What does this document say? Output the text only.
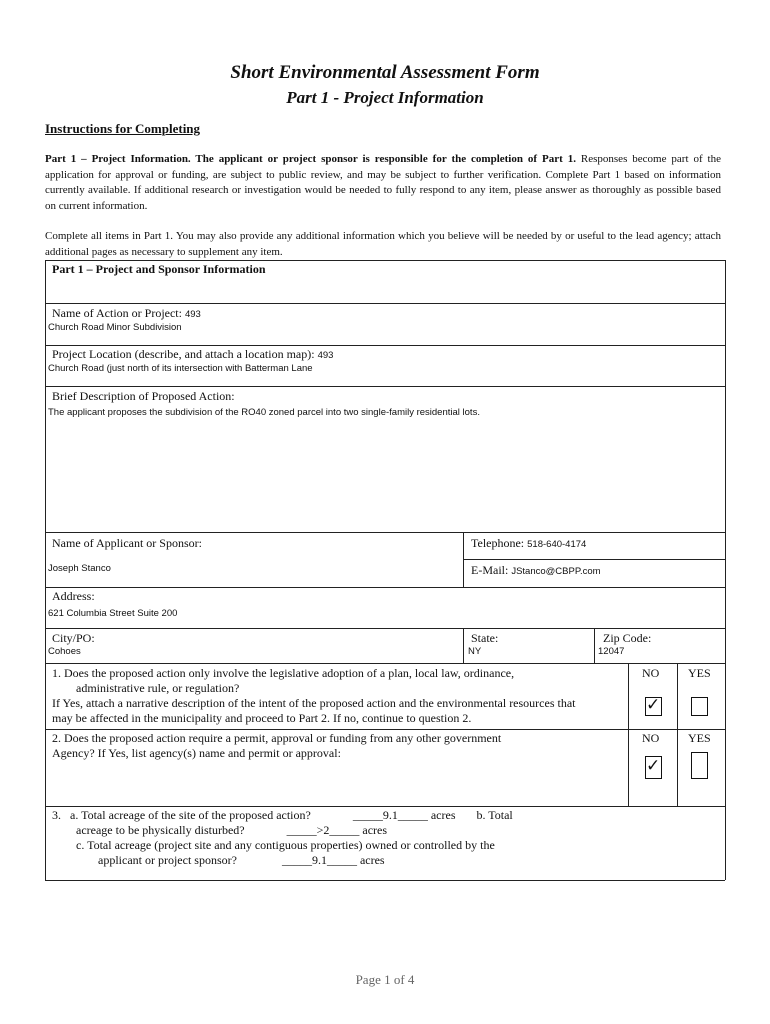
Short Environmental Assessment Form
Part 1 - Project Information
Instructions for Completing
Part 1 – Project Information. The applicant or project sponsor is responsible for the completion of Part 1. Responses become part of the application for approval or funding, are subject to public review, and may be subject to further verification. Complete Part 1 based on information currently available. If additional research or investigation would be needed to fully respond to any item, please answer as thoroughly as possible based on current information.
Complete all items in Part 1. You may also provide any additional information which you believe will be needed by or useful to the lead agency; attach additional pages as necessary to supplement any item.
Part 1 – Project and Sponsor Information
Name of Action or Project: 493
Church Road Minor Subdivision
Project Location (describe, and attach a location map): 493
Church Road (just north of its intersection with Batterman Lane
Brief Description of Proposed Action:
The applicant proposes the subdivision of the RO40 zoned parcel into two single-family residential lots.
Name of Applicant or Sponsor:
Joseph Stanco
Telephone: 518-640-4174
E-Mail: JStanco@CBPP.com
Address:
621 Columbia Street Suite 200
City/PO:
Cohoes
State:
NY
Zip Code:
12047
1. Does the proposed action only involve the legislative adoption of a plan, local law, ordinance,
administrative rule, or regulation?
If Yes, attach a narrative description of the intent of the proposed action and the environmental resources that
may be affected in the municipality and proceed to Part 2. If no, continue to question 2.
NO YES
✓
2. Does the proposed action require a permit, approval or funding from any other government
Agency? If Yes, list agency(s) name and permit or approval:
NO YES
✓
3.   a. Total acreage of the site of the proposed action?              _____9.1_____ acres       b. Total
acreage to be physically disturbed?              _____>2_____ acres
c. Total acreage (project site and any contiguous properties) owned or controlled by the
applicant or project sponsor?               _____9.1_____ acres
Page 1 of 4
